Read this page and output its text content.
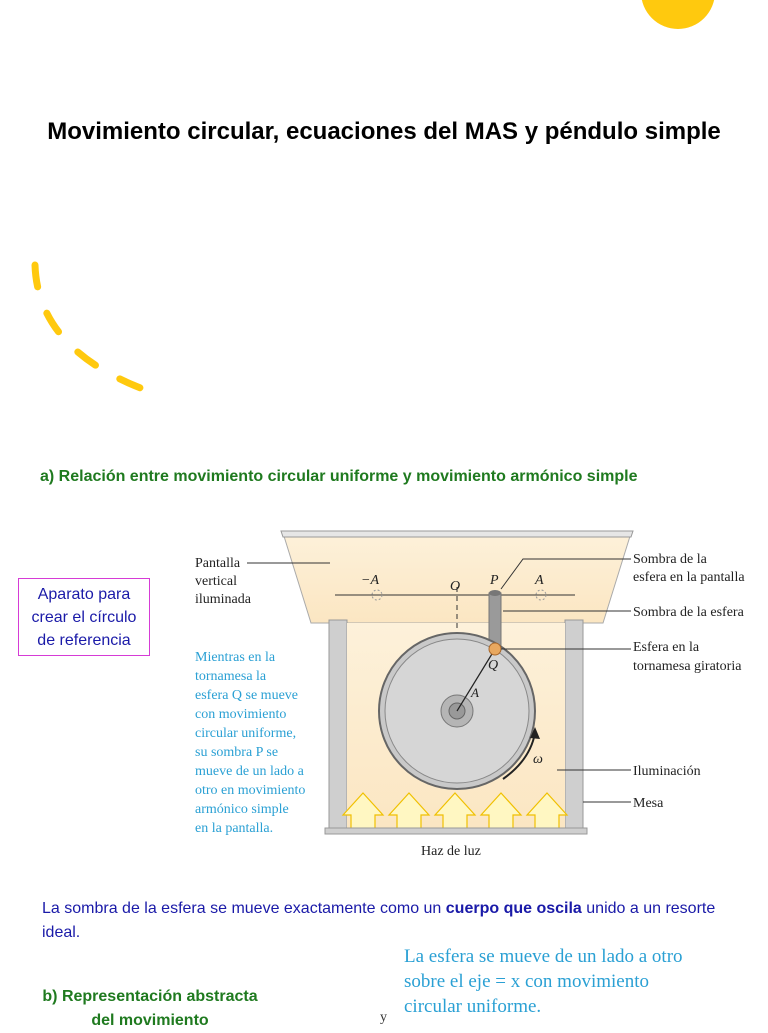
Movimiento circular, ecuaciones del MAS y péndulo simple
a) Relación entre movimiento circular uniforme y movimiento armónico simple
Aparato para crear el círculo de referencia
Pantalla
vertical
iluminada
Mientras en la
tornamesa la
esfera Q se mueve
con movimiento
circular uniforme,
su sombra P se
mueve de un lado a
otro en movimiento
armónico simple
en la pantalla.
−A	O P	A
Q
A
ω
Sombra de la
esfera en la pantalla
Sombra de la esfera
Esfera en la
tornamesa giratoria
Iluminación
Mesa
Haz de luz
La sombra de la esfera se mueve exactamente como un cuerpo que oscila unido a un resorte ideal.
b) Representación abstracta del movimiento	y
La esfera se mueve de un lado a otro sobre el eje = x con movimiento circular uniforme.
